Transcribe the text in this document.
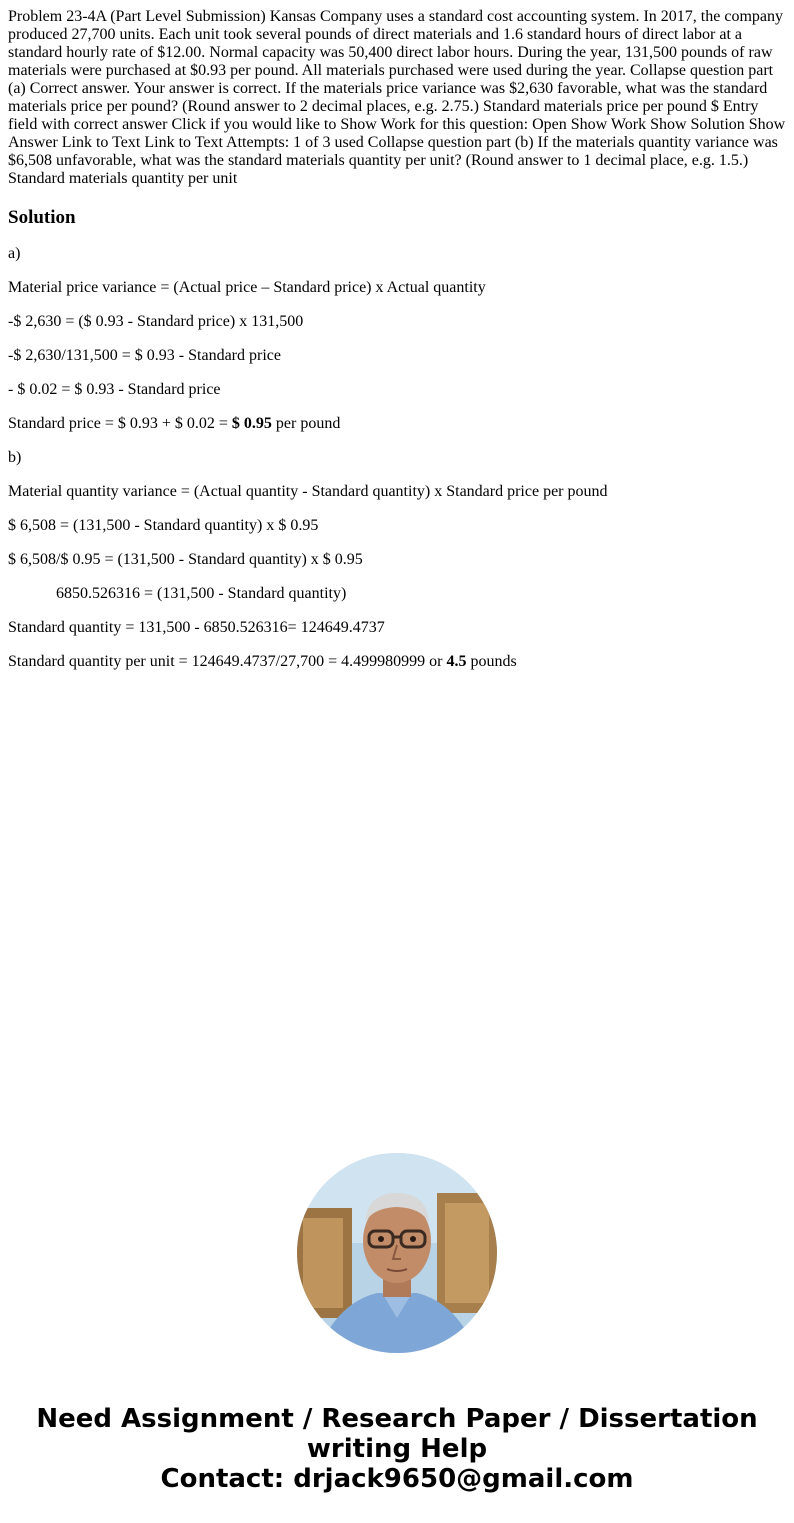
Problem 23-4A (Part Level Submission) Kansas Company uses a standard cost accounting system. In 2017, the company produced 27,700 units. Each unit took several pounds of direct materials and 1.6 standard hours of direct labor at a standard hourly rate of $12.00. Normal capacity was 50,400 direct labor hours. During the year, 131,500 pounds of raw materials were purchased at $0.93 per pound. All materials purchased were used during the year. Collapse question part (a) Correct answer. Your answer is correct. If the materials price variance was $2,630 favorable, what was the standard materials price per pound? (Round answer to 2 decimal places, e.g. 2.75.) Standard materials price per pound $ Entry field with correct answer Click if you would like to Show Work for this question: Open Show Work Show Solution Show Answer Link to Text Link to Text Attempts: 1 of 3 used Collapse question part (b) If the materials quantity variance was $6,508 unfavorable, what was the standard materials quantity per unit? (Round answer to 1 decimal place, e.g. 1.5.) Standard materials quantity per unit
Solution

a)

Material price variance = (Actual price – Standard price) x Actual quantity

-$ 2,630 = ($ 0.93 - Standard price) x 131,500

-$ 2,630/131,500 = $ 0.93 - Standard price

- $ 0.02 = $ 0.93 - Standard price

Standard price = $ 0.93 + $ 0.02 = $ 0.95 per pound

b)

Material quantity variance = (Actual quantity - Standard quantity) x Standard price per pound

$ 6,508 = (131,500 - Standard quantity) x $ 0.95

$ 6,508/$ 0.95 = (131,500 - Standard quantity) x $ 0.95

6850.526316 = (131,500 - Standard quantity)

Standard quantity = 131,500 - 6850.526316= 124649.4737

Standard quantity per unit = 124649.4737/27,700 = 4.499980999 or 4.5 pounds

Need Assignment / Research Paper / Dissertation
writing Help
Contact: drjack9650@gmail.com
